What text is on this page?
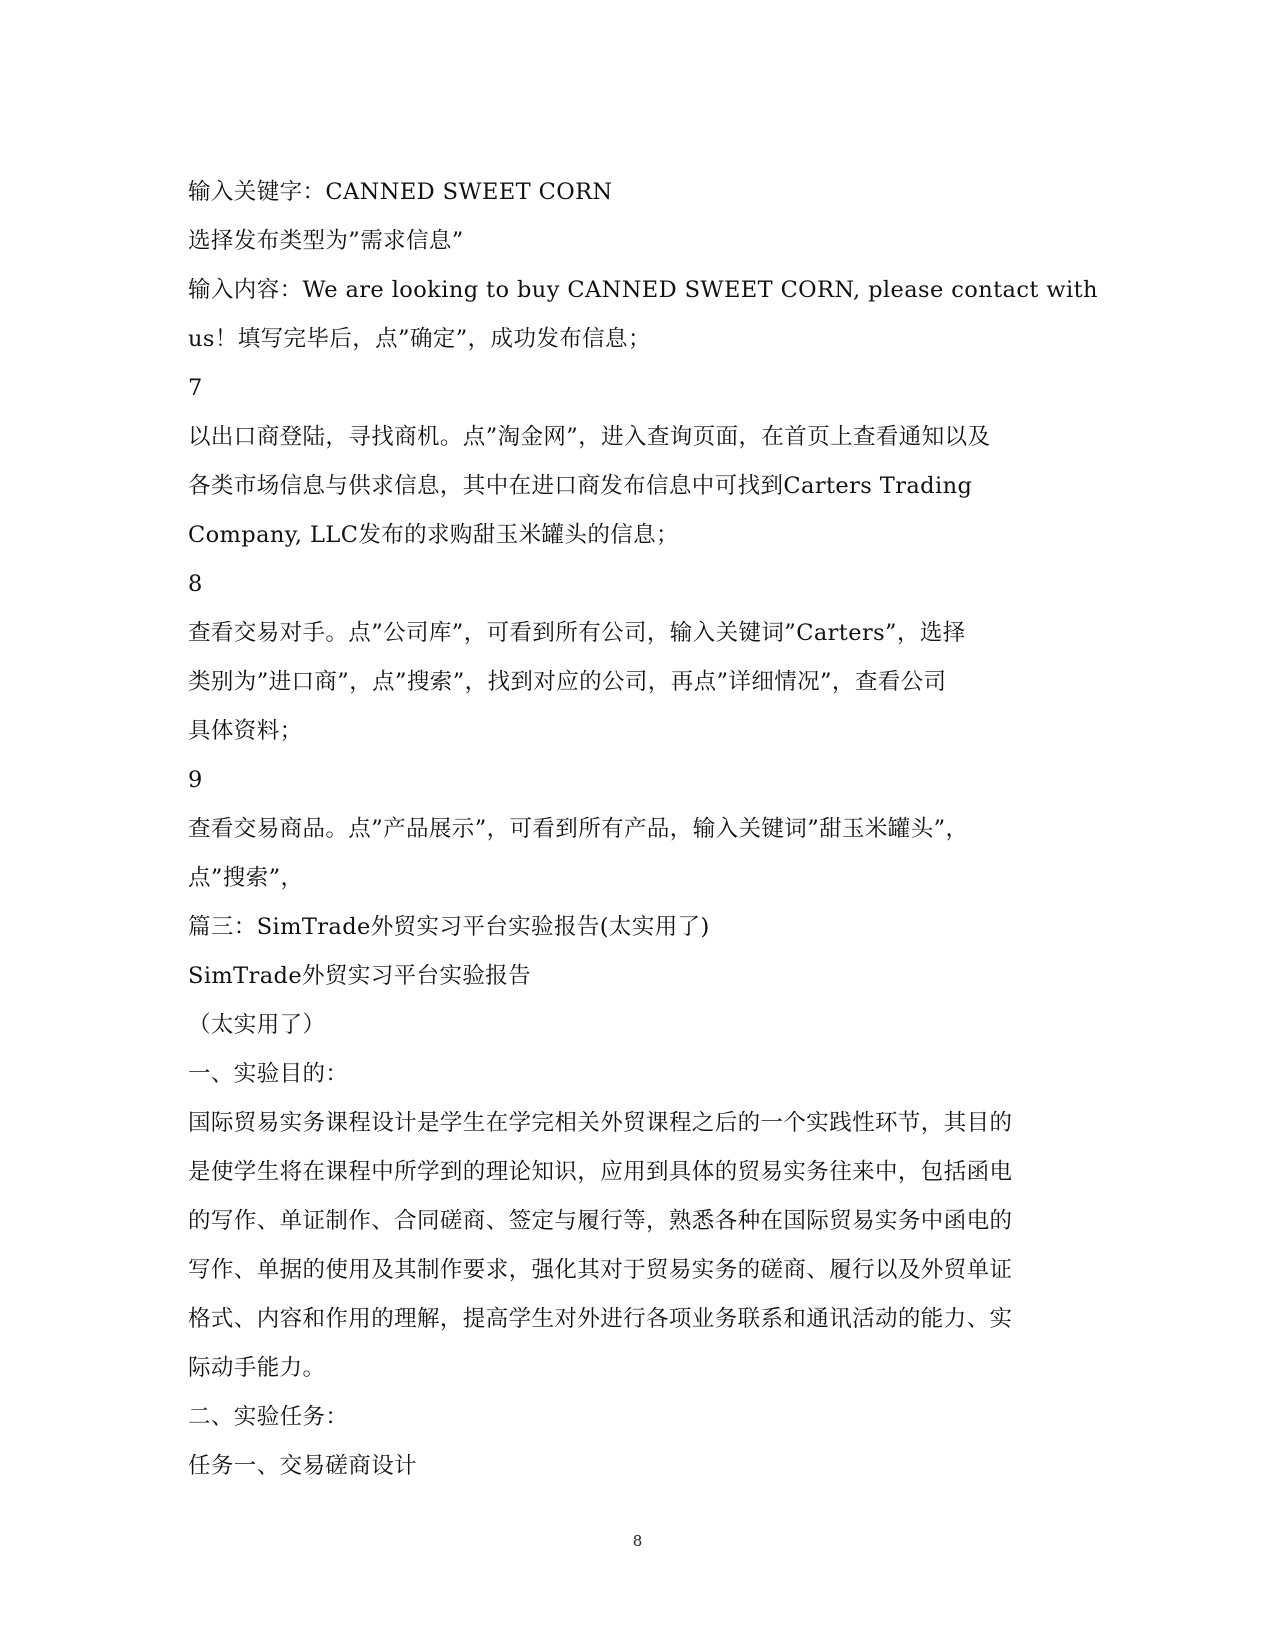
输入关键字：CANNED SWEET CORN
选择发布类型为”需求信息”
输入内容：We are looking to buy CANNED SWEET CORN, please contact with
us！填写完毕后，点”确定”，成功发布信息；
7
以出口商登陆，寻找商机。点”淘金网”，进入查询页面，在首页上查看通知以及
各类市场信息与供求信息，其中在进口商发布信息中可找到Carters Trading
Company, LLC发布的求购甜玉米罐头的信息；
8
查看交易对手。点”公司库”，可看到所有公司，输入关键词”Carters”，选择
类别为”进口商”，点”搜索”，找到对应的公司，再点”详细情况”，查看公司
具体资料；
9
查看交易商品。点”产品展示”，可看到所有产品，输入关键词”甜玉米罐头”，
点”搜索”，
篇三：SimTrade外贸实习平台实验报告(太实用了)
SimTrade外贸实习平台实验报告
（太实用了）
一、实验目的：
国际贸易实务课程设计是学生在学完相关外贸课程之后的一个实践性环节，其目的
是使学生将在课程中所学到的理论知识，应用到具体的贸易实务往来中，包括函电
的写作、单证制作、合同磋商、签定与履行等，熟悉各种在国际贸易实务中函电的
写作、单据的使用及其制作要求，强化其对于贸易实务的磋商、履行以及外贸单证
格式、内容和作用的理解，提高学生对外进行各项业务联系和通讯活动的能力、实
际动手能力。
二、实验任务：
任务一、交易磋商设计
8
